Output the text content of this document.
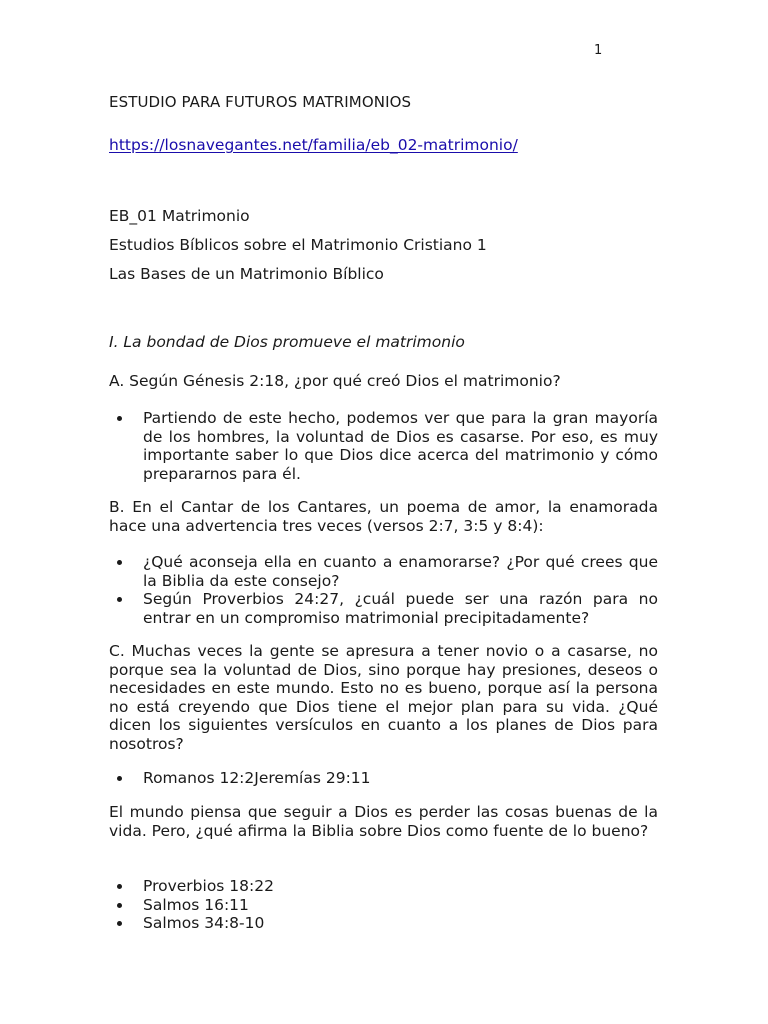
1
ESTUDIO PARA FUTUROS MATRIMONIOS
https://losnavegantes.net/familia/eb_02-matrimonio/
EB_01 Matrimonio
Estudios Bíblicos sobre el Matrimonio Cristiano 1
Las Bases de un Matrimonio Bíblico
I. La bondad de Dios promueve el matrimonio
A. Según Génesis 2:18, ¿por qué creó Dios el matrimonio?
Partiendo de este hecho, podemos ver que para la gran mayoría de los hombres, la voluntad de Dios es casarse. Por eso, es muy importante saber lo que Dios dice acerca del matrimonio y cómo prepararnos para él.
B. En el Cantar de los Cantares, un poema de amor, la enamorada hace una advertencia tres veces (versos 2:7, 3:5 y 8:4):
¿Qué aconseja ella en cuanto a enamorarse? ¿Por qué crees que la Biblia da este consejo?
Según Proverbios 24:27, ¿cuál puede ser una razón para no entrar en un compromiso matrimonial precipitadamente?
C. Muchas veces la gente se apresura a tener novio o a casarse, no porque sea la voluntad de Dios, sino porque hay presiones, deseos o necesidades en este mundo. Esto no es bueno, porque así la persona no está creyendo que Dios tiene el mejor plan para su vida. ¿Qué dicen los siguientes versículos en cuanto a los planes de Dios para nosotros?
Romanos 12:2Jeremías 29:11
El mundo piensa que seguir a Dios es perder las cosas buenas de la vida. Pero, ¿qué afirma la Biblia sobre Dios como fuente de lo bueno?
Proverbios 18:22
Salmos 16:11
Salmos 34:8-10
